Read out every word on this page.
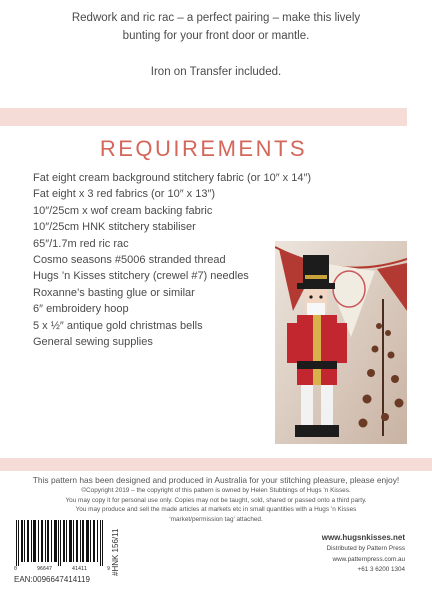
Redwork and ric rac – a perfect pairing – make this lively
bunting for your front door or mantle.
Iron on Transfer included.
REQUIREMENTS
Fat eight cream background stitchery fabric (or 10″ x 14″)
Fat eight x 3 red fabrics (or 10″ x 13″)
10″/25cm x wof cream backing fabric
10″/25cm HNK stitchery stabiliser
65″/1.7m red ric rac
Cosmo seasons #5006 stranded thread
Hugs ’n Kisses stitchery (crewel #7) needles
Roxanne’s basting glue or similar
6″ embroidery hoop
5 x ½″ antique gold christmas bells
General sewing supplies
This pattern has been designed and produced in Australia for your stitching pleasure, please enjoy!
©Copyright 2019 – the copyright of this pattern is owned by Helen Stubbings of Hugs ’n Kisses.
You may copy it for personal use only. Copies may not be taught, sold, shared or passed onto a third party.
You may produce and sell the made articles at markets etc in small quantities with a Hugs ’n Kisses
‘market/permission tag’ attached.
0	96647	41411	9
EAN:0096647414119
#HNK 156/11	www.hugsnkisses.net
Distributed by Pattern Press
www.patternpress.com.au
+61 3 6200 1304
